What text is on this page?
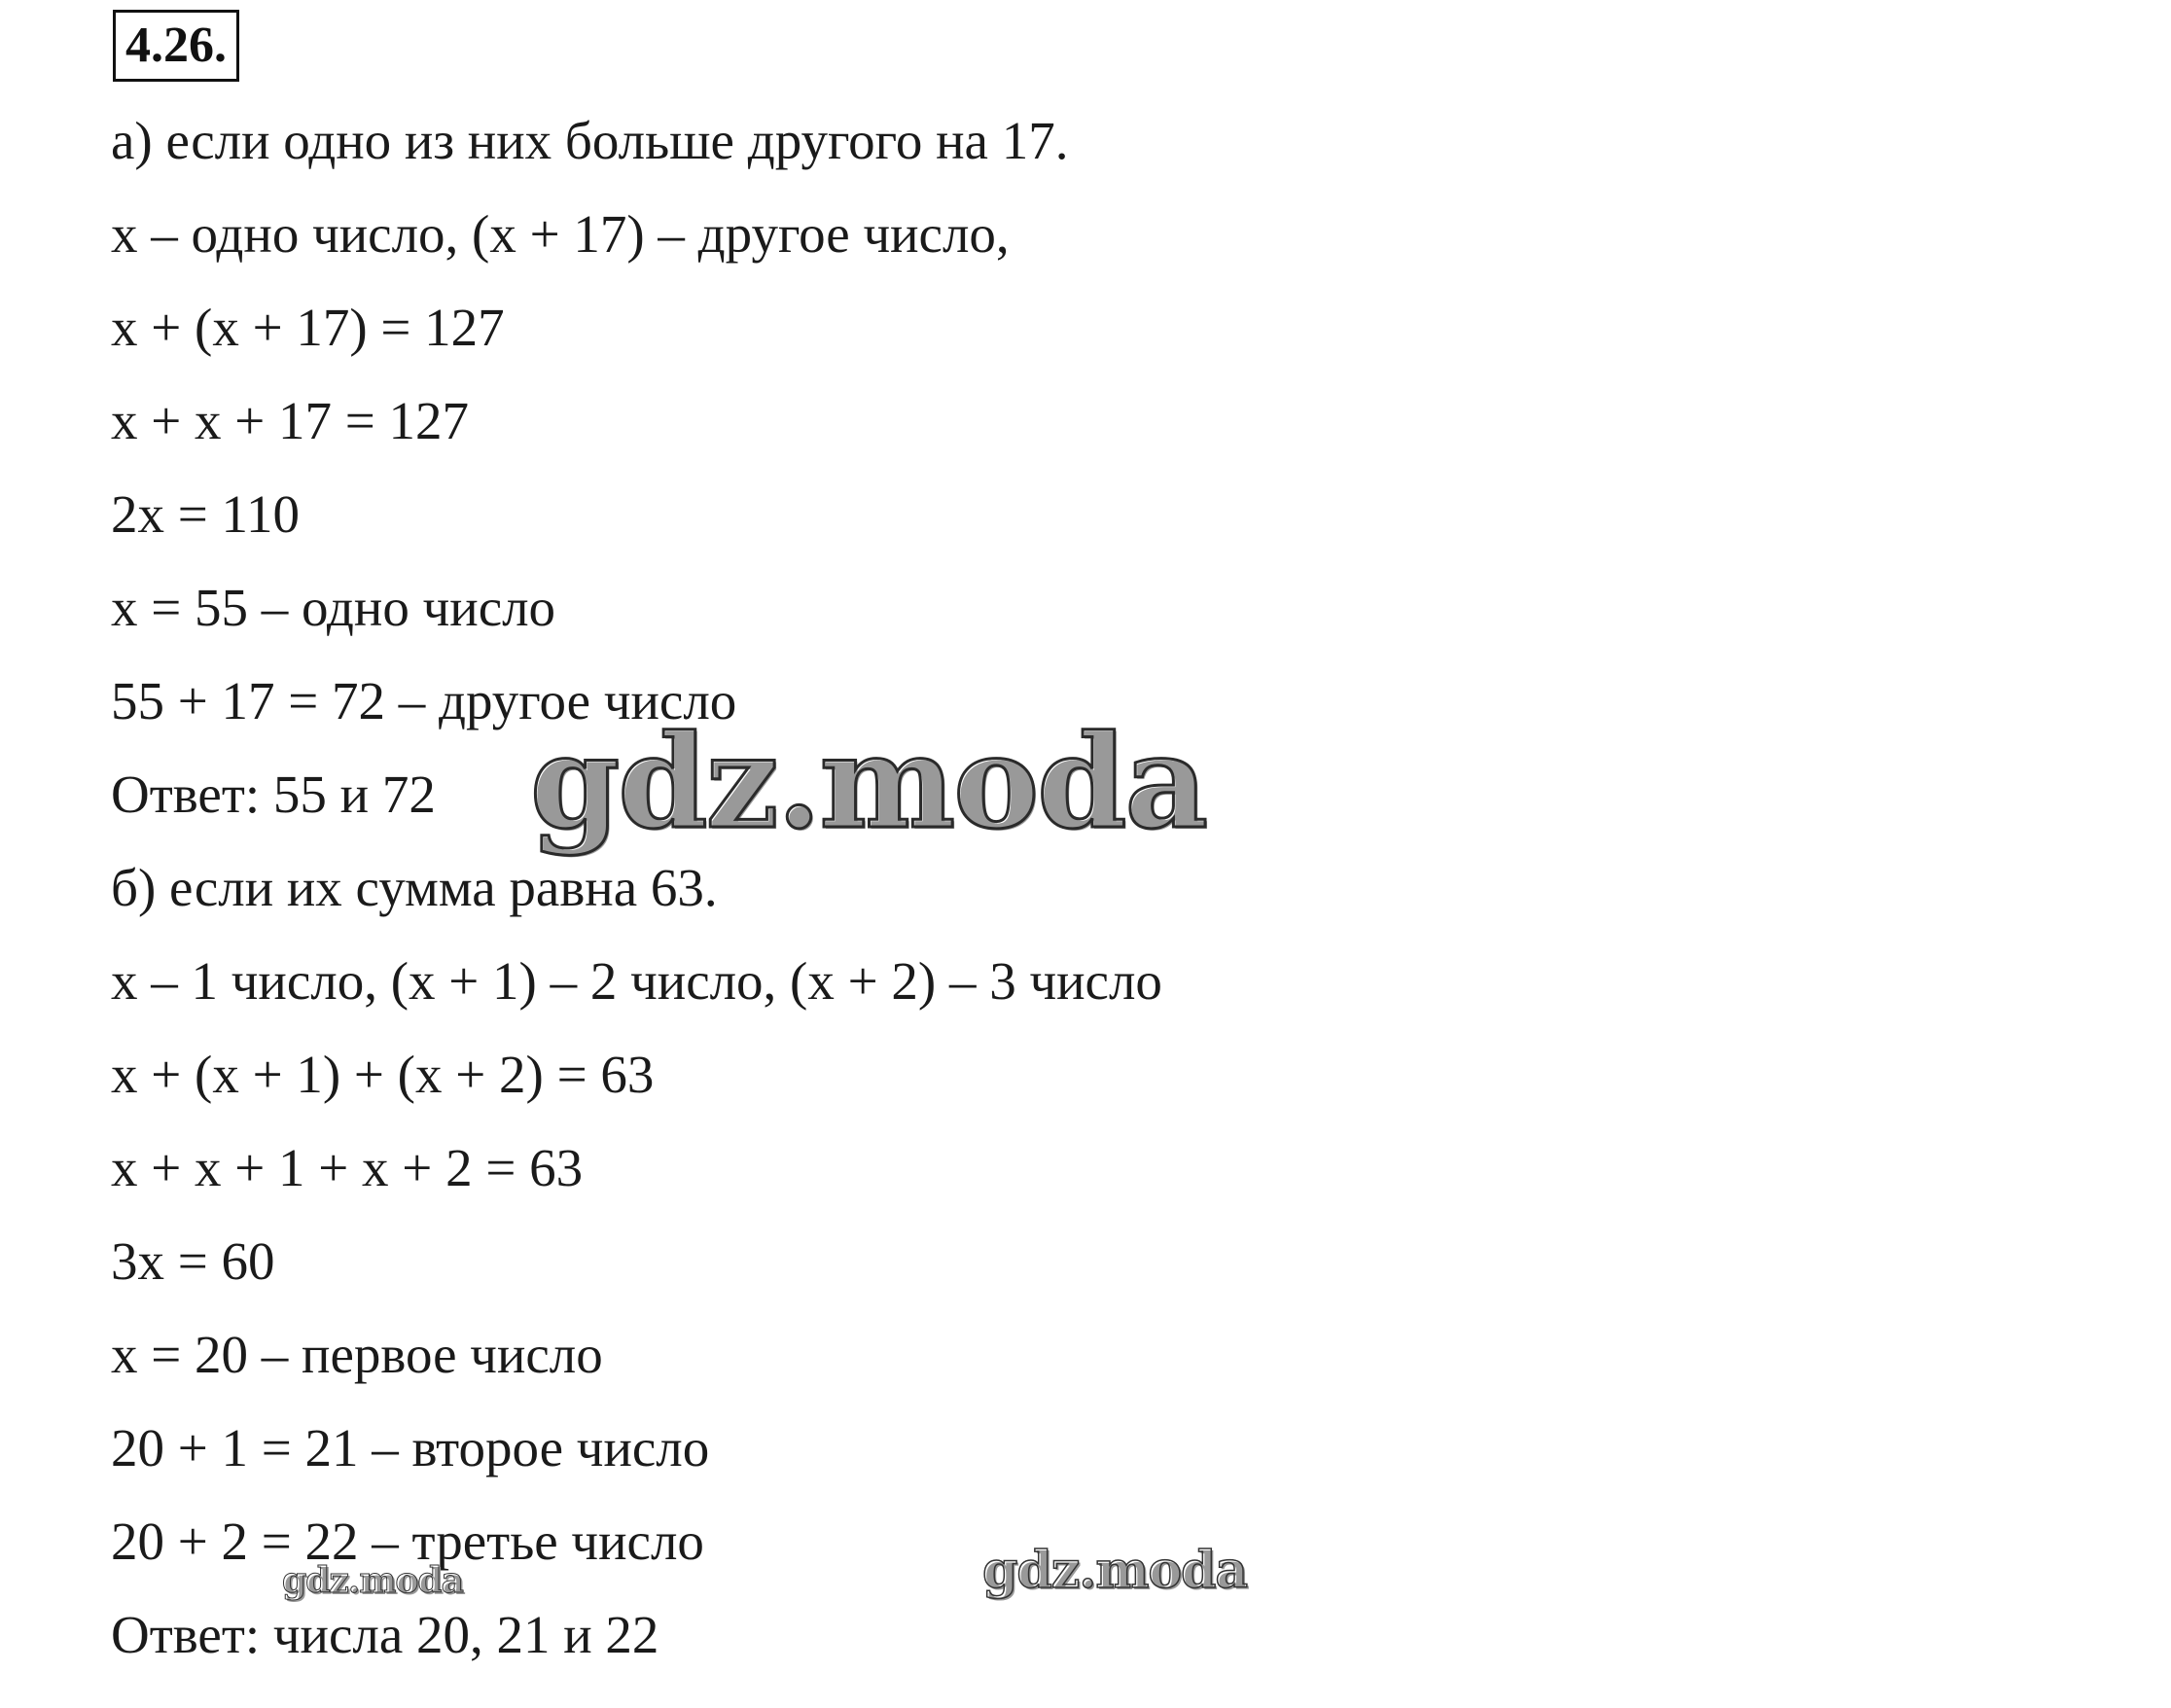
4.26.
а) если одно из них больше другого на 17.
x – одно число, (x + 17) – другое число,
x + (x + 17) = 127
x + x + 17 = 127
2x = 110
x = 55 – одно число
55 + 17 = 72 – другое число
Ответ: 55 и 72
б) если их сумма равна 63.
x – 1 число, (x + 1) – 2 число, (x + 2) – 3 число
x + (x + 1) + (x + 2) = 63
x + x + 1 + x + 2 = 63
3x = 60
x = 20 – первое число
20 + 1 = 21 – второе число
20 + 2 = 22 – третье число
Ответ: числа 20, 21 и 22
gdz.moda
gdz.moda	gdz.moda
